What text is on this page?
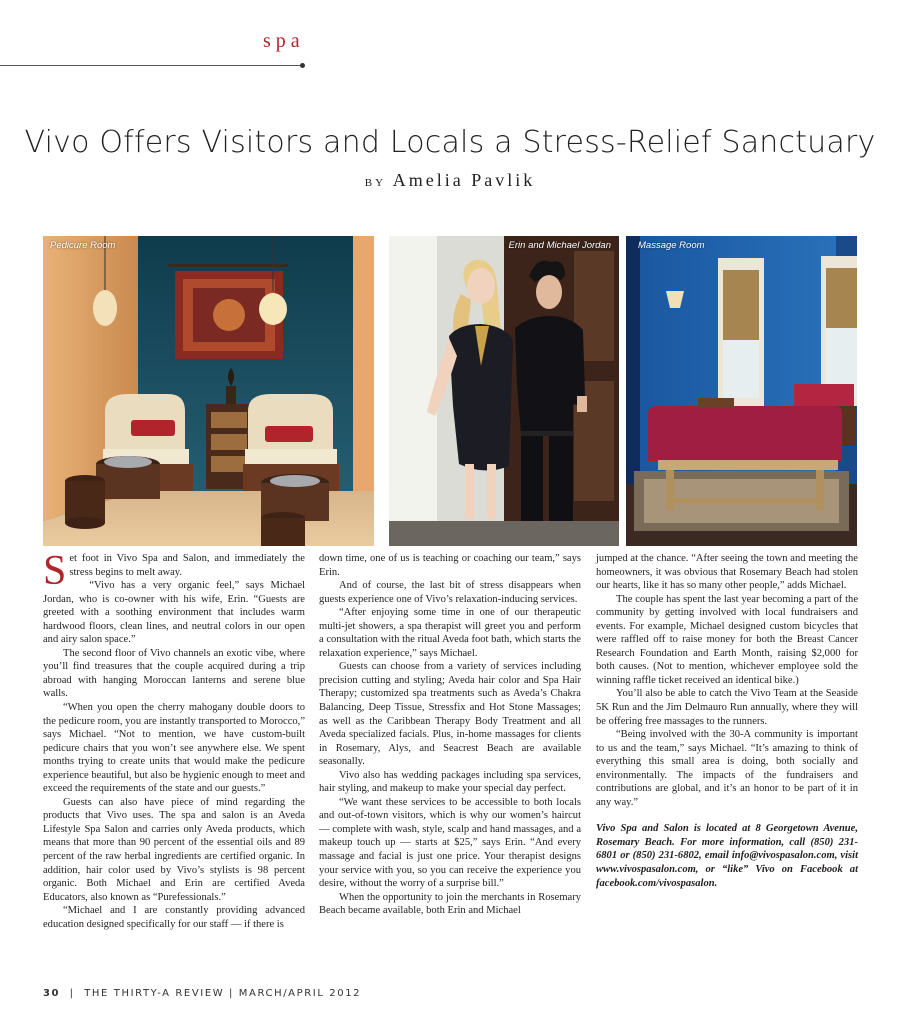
spa
Vivo Offers Visitors and Locals a Stress-Relief Sanctuary
BY Amelia Pavlik
Pedicure Room	Erin and Michael Jordan	Massage Room

Set foot in Vivo Spa and Salon, and immediately the stress begins to melt away.

“Vivo has a very organic feel,” says Michael Jordan, who is co-owner with his wife, Erin. “Guests are greeted with a soothing environment that includes warm hardwood floors, clean lines, and neutral colors in our open and airy salon space.”

The second floor of Vivo channels an exotic vibe, where you’ll find treasures that the couple acquired during a trip abroad with hanging Moroccan lanterns and serene blue walls.

“When you open the cherry mahogany double doors to the pedicure room, you are instantly transported to Morocco,” says Michael. “Not to mention, we have custom-built pedicure chairs that you won’t see anywhere else. We spent months trying to create units that would make the pedicure experience beautiful, but also be hygienic enough to meet and exceed the requirements of the state and our guests.”

Guests can also have piece of mind regarding the products that Vivo uses. The spa and salon is an Aveda Lifestyle Spa Salon and carries only Aveda products, which means that more than 90 percent of the essential oils and 89 percent of the raw herbal ingredients are certified organic. In addition, hair color used by Vivo’s stylists is 98 percent organic. Both Michael and Erin are certified Aveda Educators, also known as “Purefessionals.”

“Michael and I are constantly providing advanced education designed specifically for our staff — if there is

down time, one of us is teaching or coaching our team,” says Erin.

And of course, the last bit of stress disappears when guests experience one of Vivo’s relaxation-inducing services.

“After enjoying some time in one of our therapeutic multi-jet showers, a spa therapist will greet you and perform a consultation with the ritual Aveda foot bath, which starts the relaxation experience,” says Michael.

Guests can choose from a variety of services including precision cutting and styling; Aveda hair color and Spa Hair Therapy; customized spa treatments such as Aveda’s Chakra Balancing, Deep Tissue, Stressfix and Hot Stone Massages; as well as the Caribbean Therapy Body Treatment and all Aveda specialized facials. Plus, in-home massages for clients in Rosemary, Alys, and Seacrest Beach are available seasonally.

Vivo also has wedding packages including spa services, hair styling, and makeup to make your special day perfect.

“We want these services to be accessible to both locals and out-of-town visitors, which is why our women’s haircut — complete with wash, style, scalp and hand massages, and a makeup touch up — starts at $25,” says Erin. “And every massage and facial is just one price. Your therapist designs your service with you, so you can receive the experience you desire, without the worry of a surprise bill.”

When the opportunity to join the merchants in Rosemary Beach became available, both Erin and Michael

jumped at the chance. “After seeing the town and meeting the homeowners, it was obvious that Rosemary Beach had stolen our hearts, like it has so many other people,” adds Michael.

The couple has spent the last year becoming a part of the community by getting involved with local fundraisers and events. For example, Michael designed custom bicycles that were raffled off to raise money for both the Breast Cancer Research Foundation and Earth Month, raising $2,000 for both causes. (Not to mention, whichever employee sold the winning raffle ticket received an identical bike.)

You’ll also be able to catch the Vivo Team at the Seaside 5K Run and the Jim Delmauro Run annually, where they will be offering free massages to the runners.

“Being involved with the 30-A community is important to us and the team,” says Michael. “It’s amazing to think of everything this small area is doing, both socially and environmentally. The impacts of the fundraisers and contributions are global, and it’s an honor to be part of it in any way.”

Vivo Spa and Salon is located at 8 Georgetown Avenue, Rosemary Beach. For more information, call (850) 231-6801 or (850) 231-6802, email info@vivospasalon.com, visit www.vivospasalon.com, or “like” Vivo on Facebook at facebook.com/vivospasalon.

30  |  THE THIRTY-A REVIEW | MARCH/APRIL 2012
